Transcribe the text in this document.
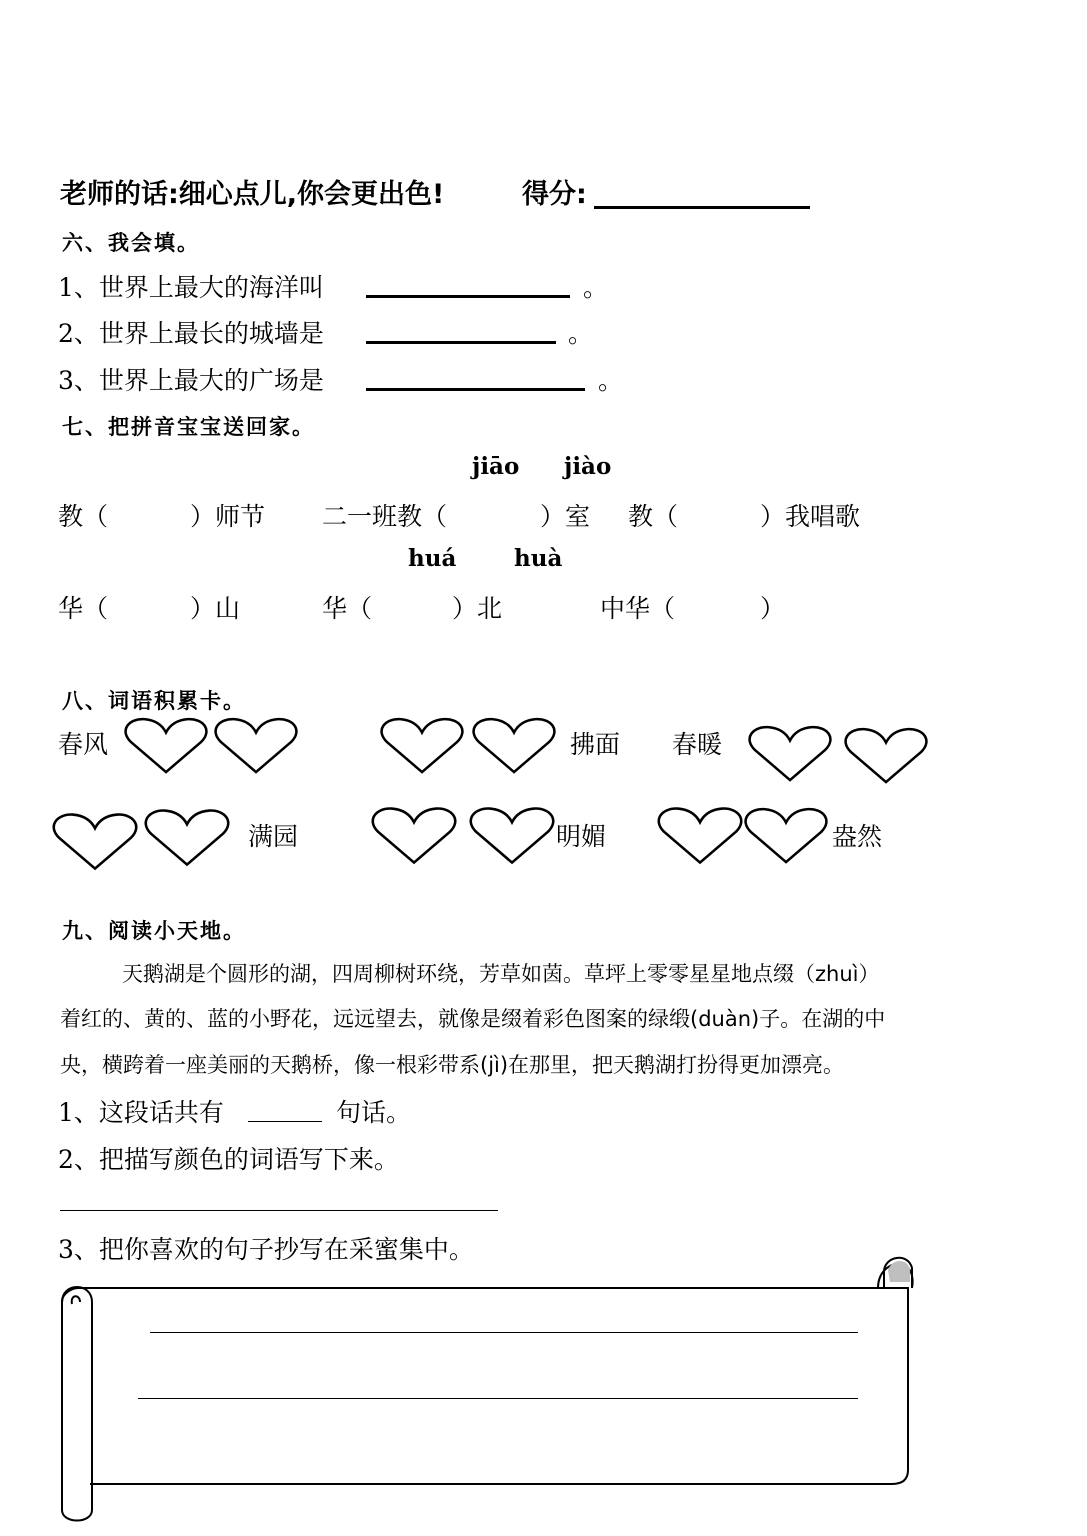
老师的话:细心点儿,你会更出色!	得分:
六、我会填。
1、世界上最大的海洋叫	。
2、世界上最长的城墙是	。
3、世界上最大的广场是	。
七、把拼音宝宝送回家。
jiāo jiào
教（	）师节 二一班教（	）室 教（	）我唱歌
huá	huà
华（	）山	华（	）北	中华（	）
八、词语积累卡。
春风	拂面 春暖
满园	明媚	盎然
九、阅读小天地。
天鹅湖是个圆形的湖，四周柳树环绕，芳草如茵。草坪上零零星星地点缀（zhuì）
着红的、黄的、蓝的小野花，远远望去，就像是缀着彩色图案的绿缎(duàn)子。在湖的中
央，横跨着一座美丽的天鹅桥，像一根彩带系(jì)在那里，把天鹅湖打扮得更加漂亮。
1、这段话共有	句话。
2、把描写颜色的词语写下来。
3、把你喜欢的句子抄写在采蜜集中。
